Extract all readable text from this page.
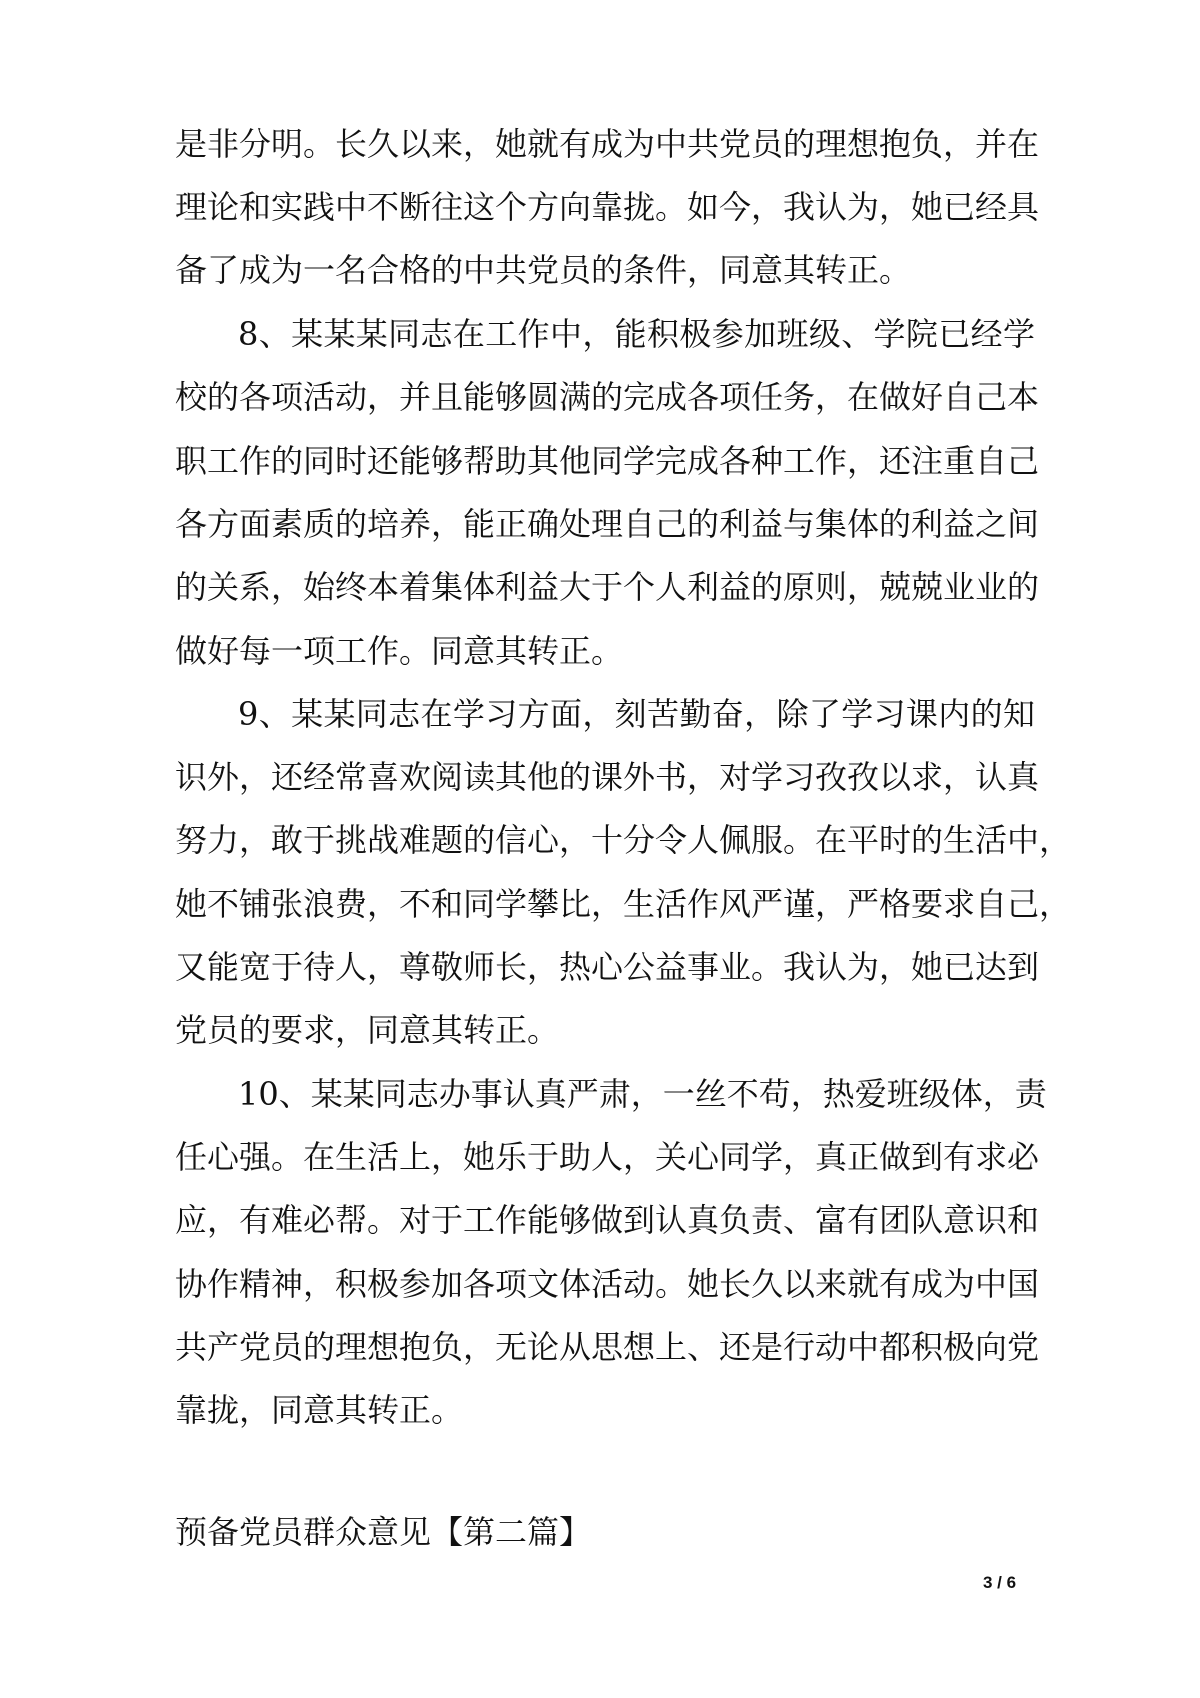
是非分明。长久以来，她就有成为中共党员的理想抱负，并在
理论和实践中不断往这个方向靠拢。如今，我认为，她已经具
备了成为一名合格的中共党员的条件，同意其转正。
8、某某某同志在工作中，能积极参加班级、学院已经学
校的各项活动，并且能够圆满的完成各项任务，在做好自己本
职工作的同时还能够帮助其他同学完成各种工作，还注重自己
各方面素质的培养，能正确处理自己的利益与集体的利益之间
的关系，始终本着集体利益大于个人利益的原则，兢兢业业的
做好每一项工作。同意其转正。
9、某某同志在学习方面，刻苦勤奋，除了学习课内的知
识外，还经常喜欢阅读其他的课外书，对学习孜孜以求，认真
努力，敢于挑战难题的信心，十分令人佩服。在平时的生活中，
她不铺张浪费，不和同学攀比，生活作风严谨，严格要求自己，
又能宽于待人，尊敬师长，热心公益事业。我认为，她已达到
党员的要求，同意其转正。
10、某某同志办事认真严肃，一丝不苟，热爱班级体，责
任心强。在生活上，她乐于助人，关心同学，真正做到有求必
应，有难必帮。对于工作能够做到认真负责、富有团队意识和
协作精神，积极参加各项文体活动。她长久以来就有成为中国
共产党员的理想抱负，无论从思想上、还是行动中都积极向党
靠拢，同意其转正。
预备党员群众意见【第二篇】
3 / 6
